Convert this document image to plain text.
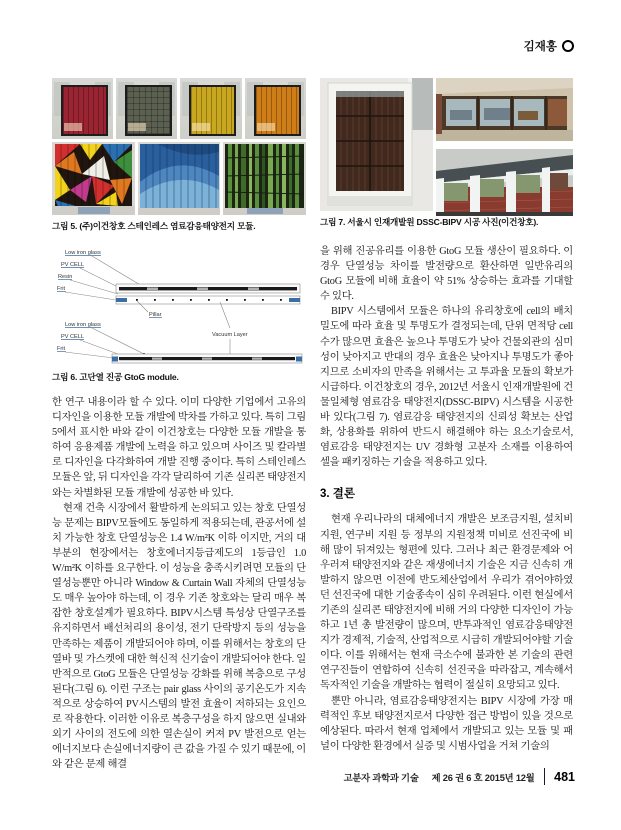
김재홍
그림 5. (주)이건창호 스테인레스 염료감응태양전지 모듈.
Low iron glass
PV CELL
Resin
Frit
Pillar
Vacuum Layer
Low iron glass
PV CELL
Frit
그림 6. 고단열 진공 GtoG module.

한 연구 내용이라 할 수 있다. 이미 다양한 기업에서 고유의 디자인을 이용한 모듈 개발에 박차를 가하고 있다. 특히 그림 5에서 표시한 바와 같이 이건창호는 다양한 모듈 개발을 통하여 응용제품 개발에 노력을 하고 있으며 사이즈 및 칼라별로 디자인을 다각화하여 개발 진행 중이다. 특히 스테인레스 모듈은 앞, 뒤 디자인을 각각 달리하여 기존 실리콘 태양전지와는 차별화된 모듈 개발에 성공한 바 있다.

현재 건축 시장에서 활발하게 논의되고 있는 창호 단열성능 문제는 BIPV모듈에도 동일하게 적용되는데, 관공서에 설치 가능한 창호 단열성능은 1.4 W/m²K 이하 이지만, 거의 대부분의 현장에서는 창호에너지등급제도의 1등급인 1.0 W/m²K 이하를 요구한다. 이 성능을 충족시키려면 모듈의 단열성능뿐만 아니라 Window & Curtain Wall 자체의 단열성능도 매우 높아야 하는데, 이 경우 기존 창호와는 달리 매우 복잡한 창호설계가 필요하다. BIPV시스템 특성상 단열구조를 유지하면서 배선처리의 용이성, 전기 단락방지 등의 성능을 만족하는 제품이 개발되어야 하며, 이를 위해서는 창호의 단열바 및 가스켓에 대한 혁신적 신기술이 개발되어야 한다. 일반적으로 GtoG 모듈은 단열성능 강화를 위해 복층으로 구성된다(그림 6). 이런 구조는 pair glass 사이의 공기온도가 지속적으로 상승하여 PV시스템의 발전 효율이 저하되는 요인으로 작용한다. 이러한 이유로 복층구성을 하지 않으면 실내와 외기 사이의 전도에 의한 열손실이 커져 PV 발전으로 얻는 에너지보다 손실에너지량이 큰 값을 가질 수 있기 때문에, 이와 같은 문제 해결

그림 7. 서울시 인재개발원 DSSC-BIPV 시공 사진(이건창호).

을 위해 진공유리를 이용한 GtoG 모듈 생산이 필요하다. 이 경우 단열성능 차이를 발전량으로 환산하면 일반유리의 GtoG 모듈에 비해 효율이 약 51% 상승하는 효과를 기대할 수 있다.

BIPV 시스템에서 모듈은 하나의 유리창호에 cell의 배치 밀도에 따라 효율 및 투명도가 결정되는데, 단위 면적당 cell 수가 많으면 효율은 높으나 투명도가 낮아 건물외관의 심미성이 낮아지고 반대의 경우 효율은 낮아지나 투명도가 좋아지므로 소비자의 만족을 위해서는 고 투과율 모듈의 확보가 시급하다. 이건창호의 경우, 2012년 서울시 인재개발원에 건물일체형 염료감응 태양전지(DSSC-BIPV) 시스템을 시공한 바 있다(그림 7). 염료감응 태양전지의 신뢰성 확보는 산업화, 상용화를 위하여 반드시 해결해야 하는 요소기술로서, 염료감응 태양전지는 UV 경화형 고분자 소재를 이용하여 셀을 패키징하는 기술을 적용하고 있다.

3. 결론

현재 우리나라의 대체에너지 개발은 보조금지원, 설치비지원, 연구비 지원 등 정부의 지원정책 미비로 선진국에 비해 많이 뒤져있는 형편에 있다. 그러나 최근 환경문제와 어우러져 태양전지와 같은 재생에너지 기술은 지금 신속히 개발하지 않으면 이전에 반도체산업에서 우리가 겪어야하였던 선진국에 대한 기술종속이 심히 우려된다. 이런 현실에서 기존의 실리콘 태양전지에 비해 거의 다양한 디자인이 가능하고 1년 총 발전량이 많으며, 반투과적인 염료감응태양전지가 경제적, 기술적, 산업적으로 시급히 개발되어야할 기술이다. 이를 위해서는 현재 극소수에 불과한 본 기술의 관련 연구진들이 연합하여 신속히 선진국을 따라잡고, 계속해서 독자적인 기술을 개발하는 협력이 절실히 요망되고 있다.

뿐만 아니라, 염료감응태양전지는 BIPV 시장에 가장 매력적인 후보 태양전지로서 다양한 접근 방법이 있을 것으로 예상된다. 따라서 현재 업체에서 개발되고 있는 모듈 및 패널이 다양한 환경에서 실증 및 시범사업을 거쳐 기술의

고분자 과학과 기술 제 26 권 6 호 2015년 12월 481
